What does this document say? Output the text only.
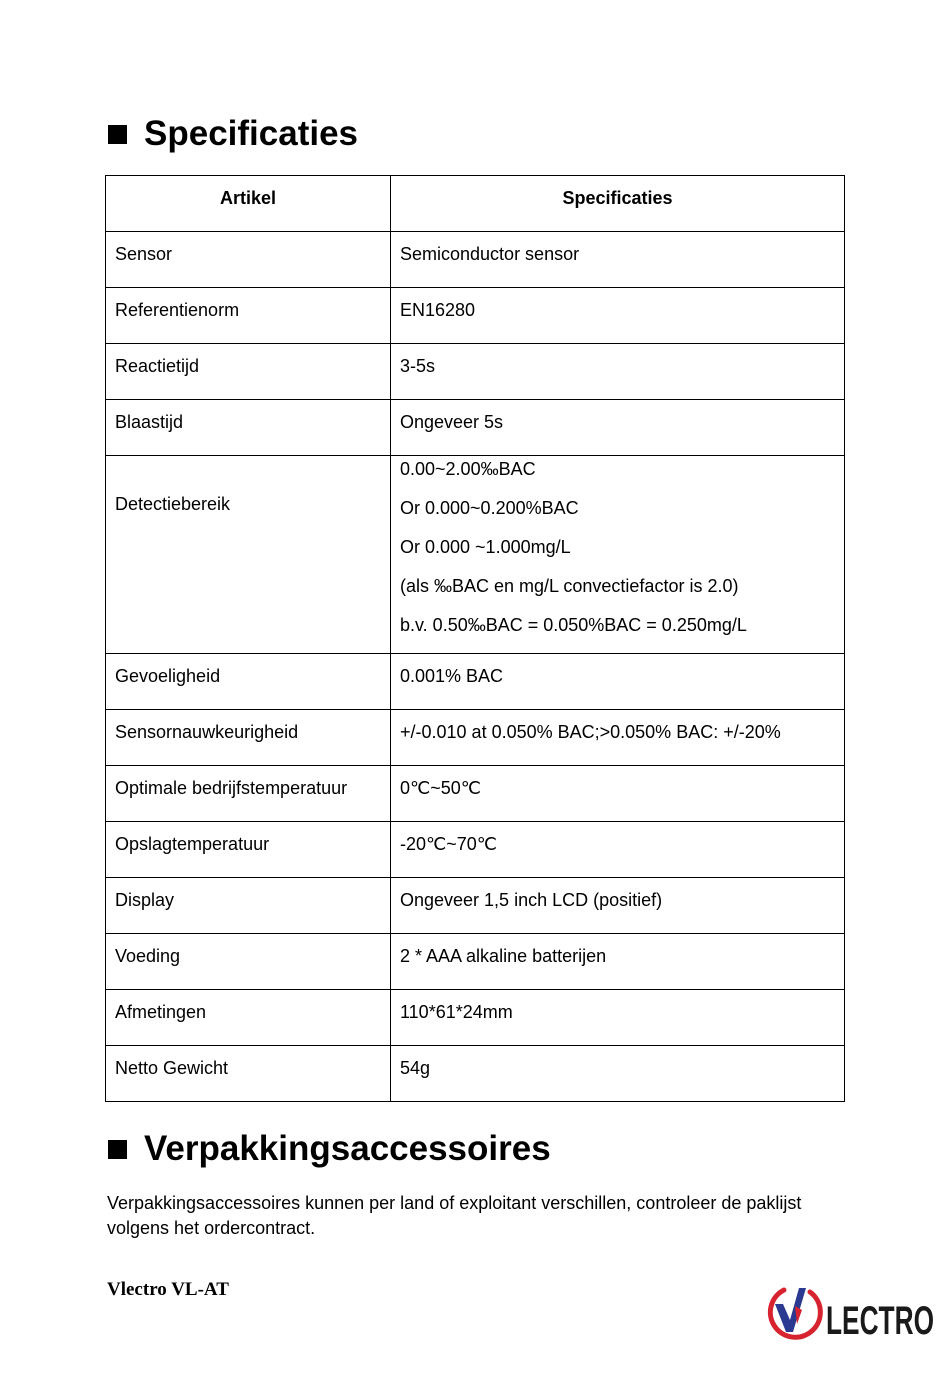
Specificaties
Artikel	Specificaties
Sensor	Semiconductor sensor
Referentienorm	EN16280
Reactietijd	3-5s
Blaastijd	Ongeveer 5s
Detectiebereik	0.00~2.00‰BAC

Or 0.000~0.200%BAC

Or 0.000 ~1.000mg/L

(als ‰BAC en mg/L convectiefactor is 2.0)

b.v. 0.50‰BAC = 0.050%BAC = 0.250mg/L

Gevoeligheid	0.001% BAC
Sensornauwkeurigheid	+/-0.010 at 0.050% BAC;>0.050% BAC: +/-20%
Optimale bedrijfstemperatuur	0℃~50℃
Opslagtemperatuur	-20℃~70℃
Display	Ongeveer 1,5 inch LCD (positief)
Voeding	2 * AAA alkaline batterijen
Afmetingen	110*61*24mm
Netto Gewicht	54g
Verpakkingsaccessoires

Verpakkingsaccessoires kunnen per land of exploitant verschillen, controleer de paklijst volgens het ordercontract.

Vlectro VL-AT

LECTRO
